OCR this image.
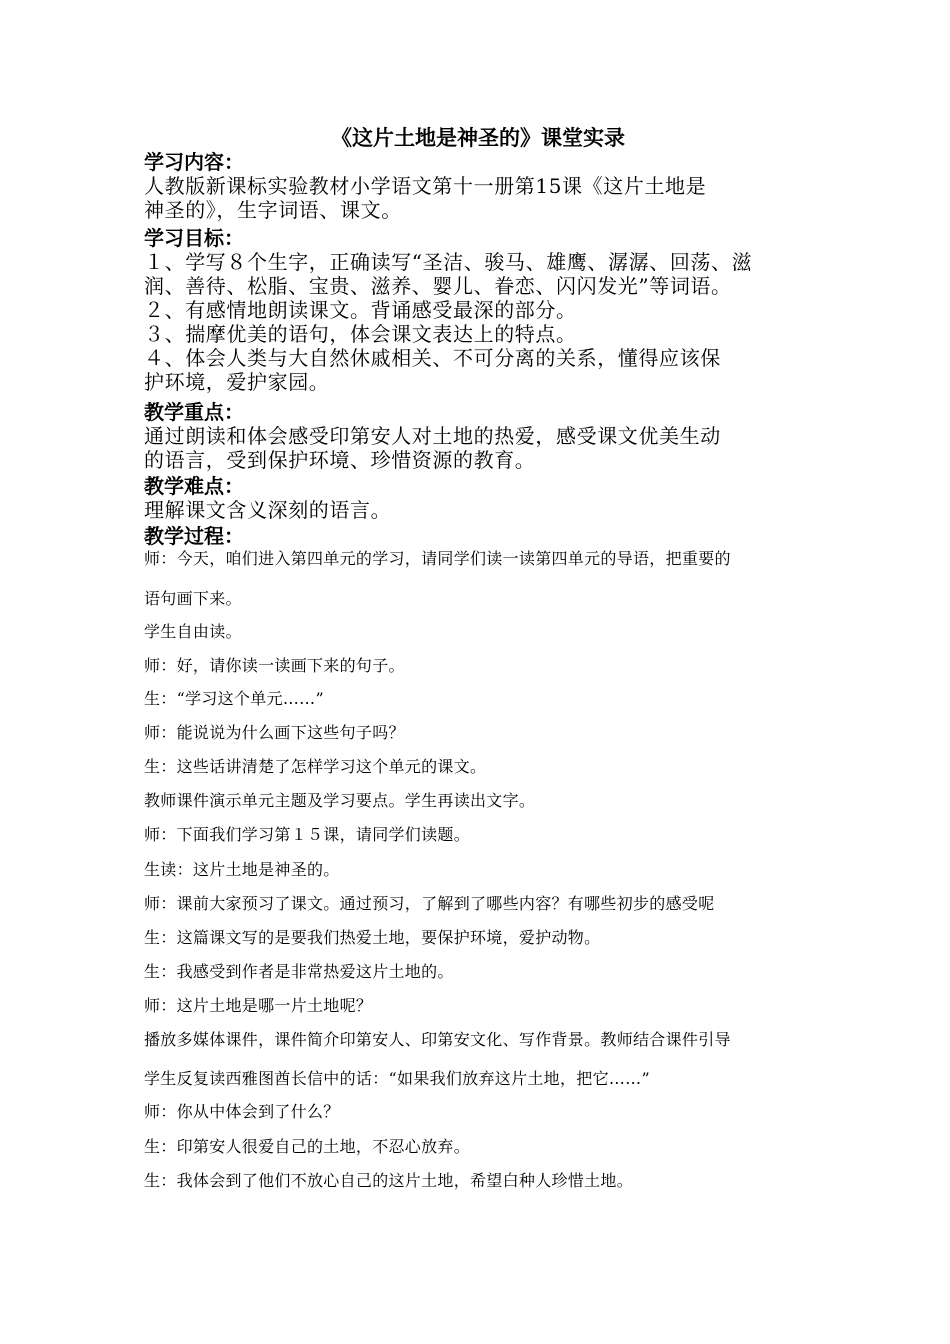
《这片土地是神圣的》课堂实录
学习内容：
人教版新课标实验教材小学语文第十一册第15课《这片土地是
神圣的》，生字词语、课文。
学习目标：
１、学写８个生字，正确读写“圣洁、骏马、雄鹰、潺潺、回荡、滋
润、善待、松脂、宝贵、滋养、婴儿、眷恋、闪闪发光”等词语。
２、有感情地朗读课文。背诵感受最深的部分。
３、揣摩优美的语句，体会课文表达上的特点。
４、体会人类与大自然休戚相关、不可分离的关系，懂得应该保
护环境，爱护家园。
教学重点：
通过朗读和体会感受印第安人对土地的热爱，感受课文优美生动
的语言，受到保护环境、珍惜资源的教育。
教学难点：
理解课文含义深刻的语言。
教学过程：
师：今天，咱们进入第四单元的学习，请同学们读一读第四单元的导语，把重要的
语句画下来。
学生自由读。
师：好，请你读一读画下来的句子。
生：“学习这个单元……”
师：能说说为什么画下这些句子吗？
生：这些话讲清楚了怎样学习这个单元的课文。
教师课件演示单元主题及学习要点。学生再读出文字。
师：下面我们学习第１５课，请同学们读题。
生读：这片土地是神圣的。
师：课前大家预习了课文。通过预习，了解到了哪些内容？有哪些初步的感受呢
生：这篇课文写的是要我们热爱土地，要保护环境，爱护动物。
生：我感受到作者是非常热爱这片土地的。
师：这片土地是哪一片土地呢？
播放多媒体课件，课件简介印第安人、印第安文化、写作背景。教师结合课件引导
学生反复读西雅图酋长信中的话：“如果我们放弃这片土地，把它……”
师：你从中体会到了什么？
生：印第安人很爱自己的土地，不忍心放弃。
生：我体会到了他们不放心自己的这片土地，希望白种人珍惜土地。
